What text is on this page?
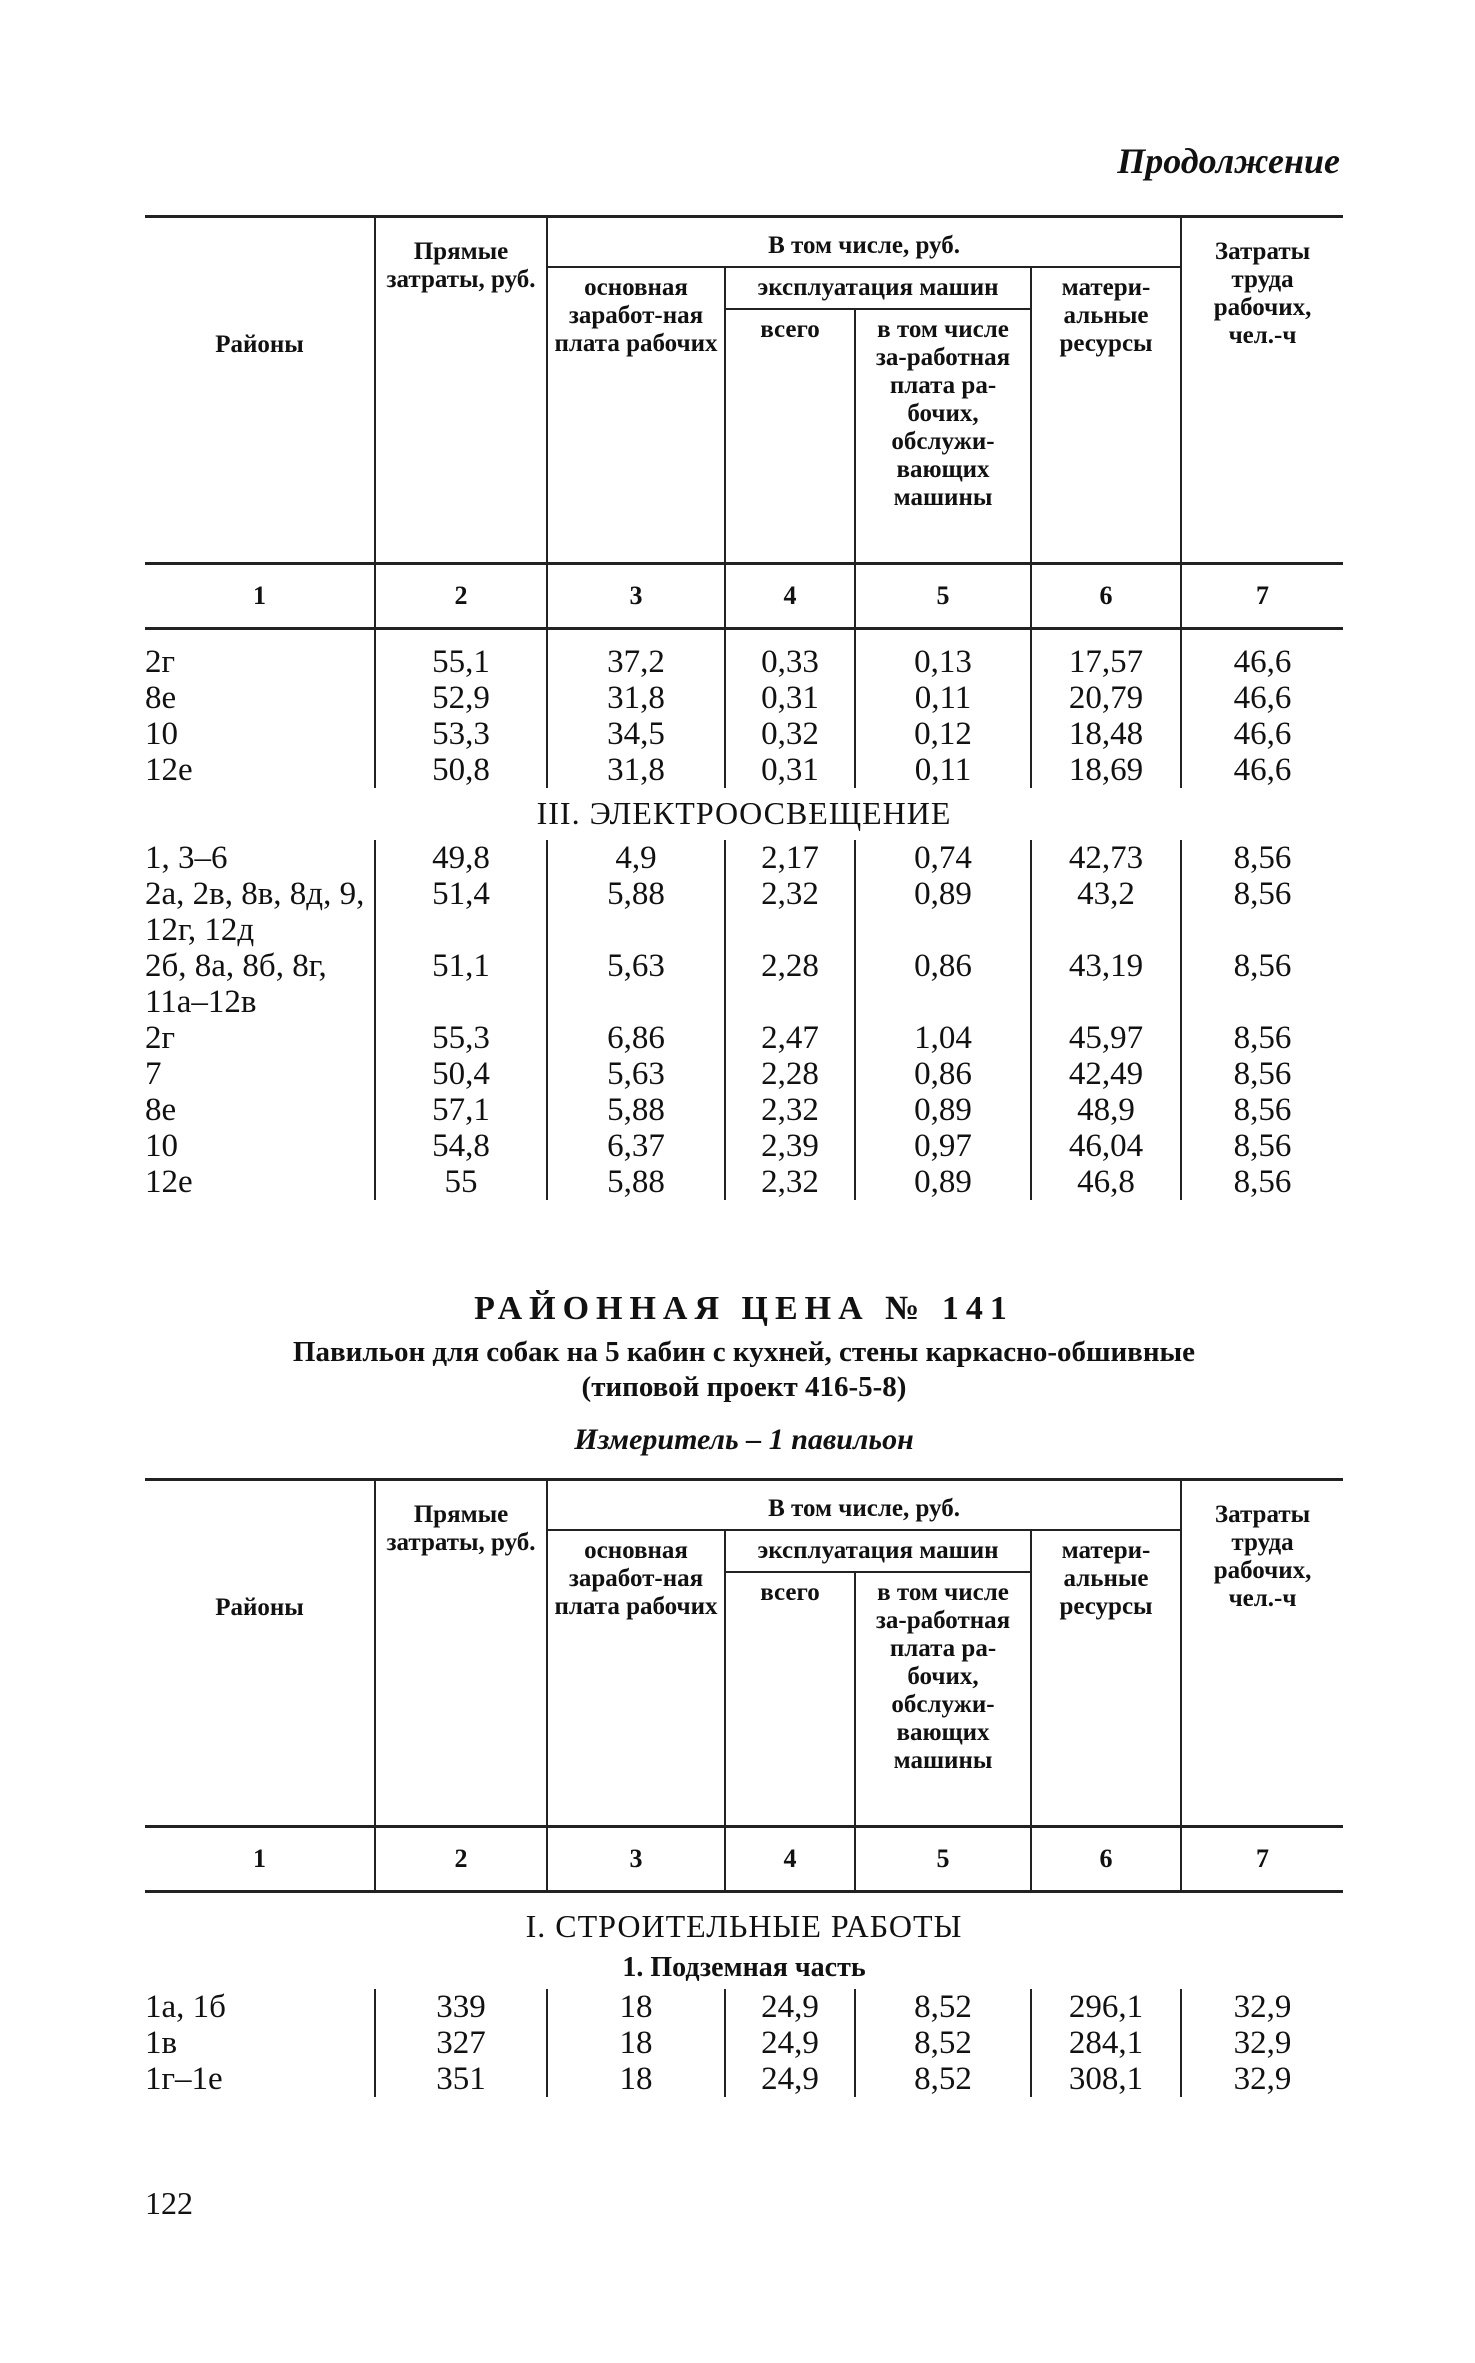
Продолжение
Районы	Прямые затраты, руб.	В том числе, руб.				Затраты труда рабочих, чел.-ч
		основная заработ-ная плата рабочих	эксплуатация машин		матери-альные ресурсы	
			всего	в том числе за-работная плата ра-бочих, обслужи-вающих машины		
1	2	3	4	5	6	7

2г	55,1	37,2	0,33	0,13	17,57	46,6
8е	52,9	31,8	0,31	0,11	20,79	46,6
10	53,3	34,5	0,32	0,12	18,48	46,6
12е	50,8	31,8	0,31	0,11	18,69	46,6
III. ЭЛЕКТРООСВЕЩЕНИЕ						
1, 3–6	49,8	4,9	2,17	0,74	42,73	8,56
2а, 2в, 8в, 8д, 9, 12г, 12д	51,4	5,88	2,32	0,89	43,2	8,56
2б, 8а, 8б, 8г, 11а–12в	51,1	5,63	2,28	0,86	43,19	8,56
2г	55,3	6,86	2,47	1,04	45,97	8,56
7	50,4	5,63	2,28	0,86	42,49	8,56
8е	57,1	5,88	2,32	0,89	48,9	8,56
10	54,8	6,37	2,39	0,97	46,04	8,56
12е	55	5,88	2,32	0,89	46,8	8,56
РАЙОННАЯ ЦЕНА № 141
Павильон для собак на 5 кабин с кухней, стены каркасно-обшивные
(типовой проект 416-5-8)
Измеритель – 1 павильон
Районы	Прямые затраты, руб.	В том числе, руб.				Затраты труда рабочих, чел.-ч
		основная заработ-ная плата рабочих	эксплуатация машин		матери-альные ресурсы	
			всего	в том числе за-работная плата ра-бочих, обслужи-вающих машины		
1	2	3	4	5	6	7
I. СТРОИТЕЛЬНЫЕ РАБОТЫ						
1. Подземная часть						
1а, 1б	339	18	24,9	8,52	296,1	32,9
1в	327	18	24,9	8,52	284,1	32,9
1г–1е	351	18	24,9	8,52	308,1	32,9
122
